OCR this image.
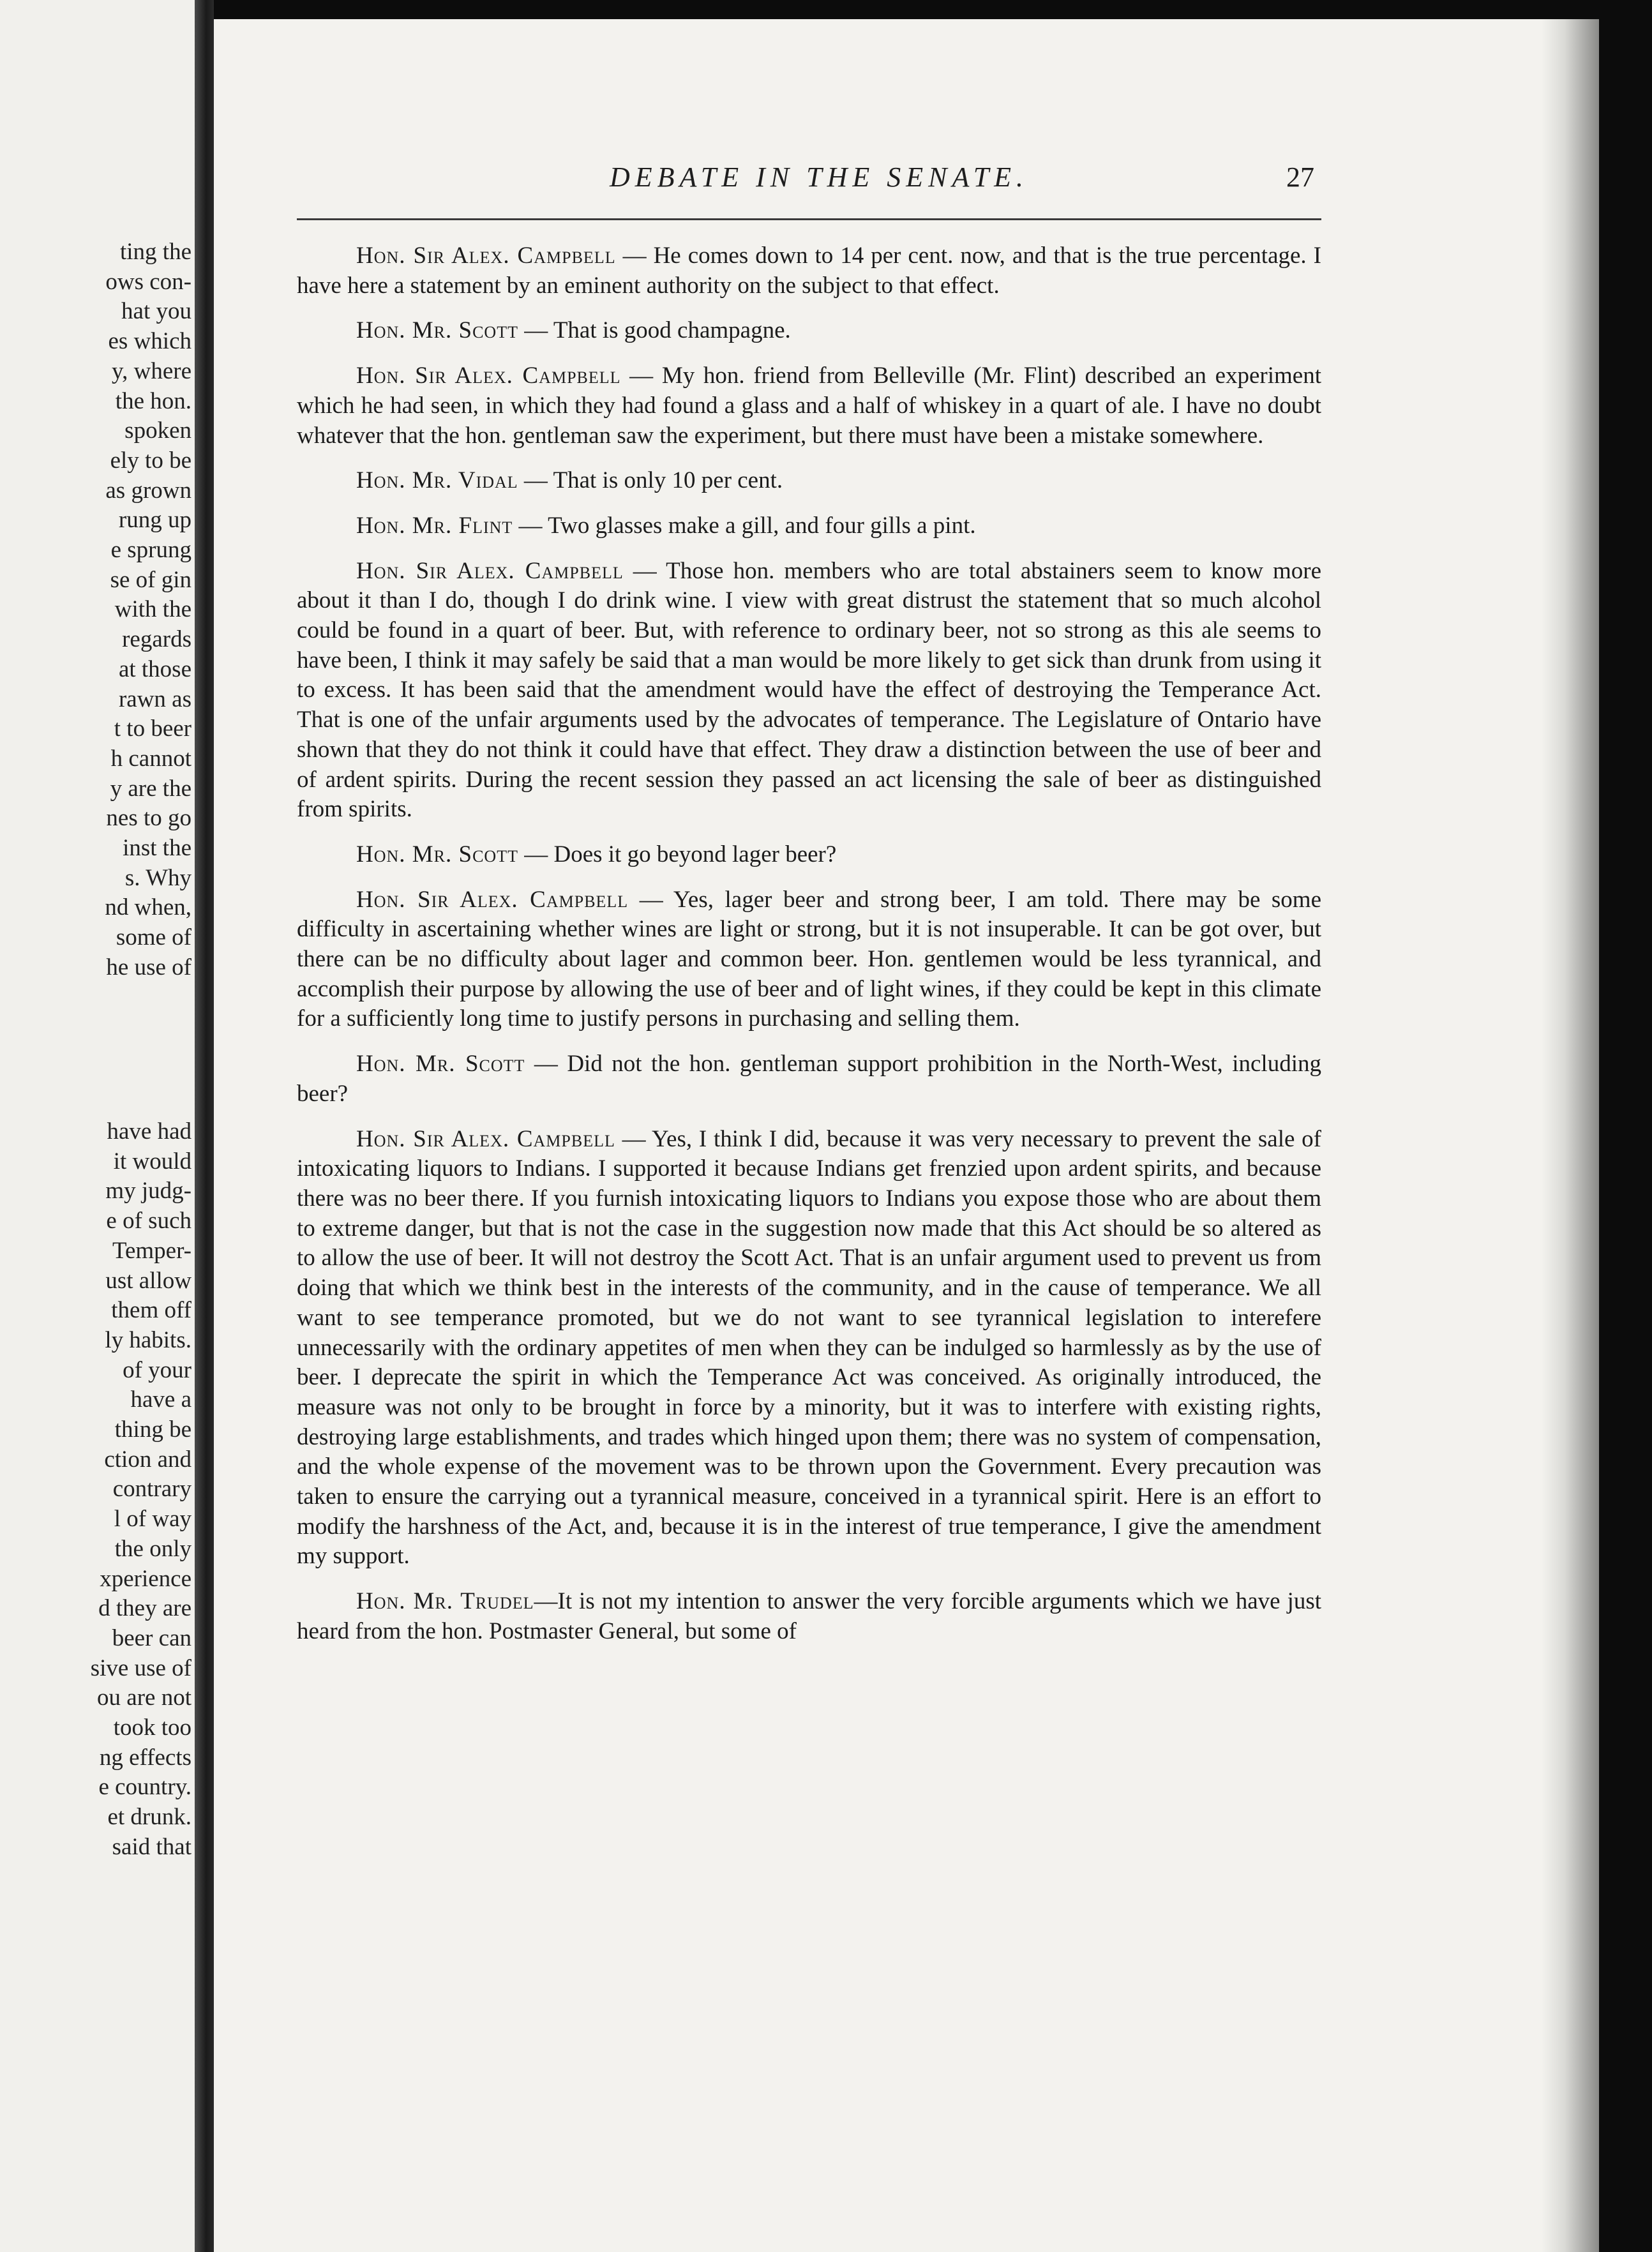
ting the
ows con-
hat you
es which
y, where
the hon.
spoken
ely to be
as grown
rung up
e sprung
se of gin
with the
regards
at those
rawn as
t to beer
h cannot
y are the
nes to go
inst the
s. Why
nd when,
some of
he use of
have had
it would
my judg-
e of such
Temper-
ust allow
them off
ly habits.
of your
have a
thing be
ction and
contrary
l of way
the only
xperience
d they are
beer can
sive use of
ou are not
took too
ng effects
e country.
et drunk.
said that
DEBATE IN THE SENATE.	27

Hon. Sir Alex. Campbell — He comes down to 14 per cent. now, and that is the true percentage. I have here a statement by an eminent authority on the subject to that effect.

Hon. Mr. Scott — That is good champagne.

Hon. Sir Alex. Campbell — My hon. friend from Belleville (Mr. Flint) described an experiment which he had seen, in which they had found a glass and a half of whiskey in a quart of ale. I have no doubt whatever that the hon. gentleman saw the experiment, but there must have been a mistake somewhere.

Hon. Mr. Vidal — That is only 10 per cent.

Hon. Mr. Flint — Two glasses make a gill, and four gills a pint.

Hon. Sir Alex. Campbell — Those hon. members who are total abstainers seem to know more about it than I do, though I do drink wine. I view with great distrust the statement that so much alcohol could be found in a quart of beer. But, with reference to ordinary beer, not so strong as this ale seems to have been, I think it may safely be said that a man would be more likely to get sick than drunk from using it to excess. It has been said that the amendment would have the effect of destroying the Temperance Act. That is one of the unfair arguments used by the advocates of temperance. The Legislature of Ontario have shown that they do not think it could have that effect. They draw a distinction between the use of beer and of ardent spirits. During the recent session they passed an act licensing the sale of beer as distinguished from spirits.

Hon. Mr. Scott — Does it go beyond lager beer?

Hon. Sir Alex. Campbell — Yes, lager beer and strong beer, I am told. There may be some difficulty in ascertaining whether wines are light or strong, but it is not insuperable. It can be got over, but there can be no difficulty about lager and common beer. Hon. gentlemen would be less tyrannical, and accomplish their purpose by allowing the use of beer and of light wines, if they could be kept in this climate for a sufficiently long time to justify persons in purchasing and selling them.

Hon. Mr. Scott — Did not the hon. gentleman support prohibition in the North-West, including beer?

Hon. Sir Alex. Campbell — Yes, I think I did, because it was very necessary to prevent the sale of intoxicating liquors to Indians. I supported it because Indians get frenzied upon ardent spirits, and because there was no beer there. If you furnish intoxicating liquors to Indians you expose those who are about them to extreme danger, but that is not the case in the suggestion now made that this Act should be so altered as to allow the use of beer. It will not destroy the Scott Act. That is an unfair argument used to prevent us from doing that which we think best in the interests of the community, and in the cause of temperance. We all want to see temperance promoted, but we do not want to see tyrannical legislation to interefere unnecessarily with the ordinary appetites of men when they can be indulged so harmlessly as by the use of beer. I deprecate the spirit in which the Temperance Act was conceived. As originally introduced, the measure was not only to be brought in force by a minority, but it was to interfere with existing rights, destroying large establishments, and trades which hinged upon them; there was no system of compensation, and the whole expense of the movement was to be thrown upon the Government. Every precaution was taken to ensure the carrying out a tyrannical measure, conceived in a tyrannical spirit. Here is an effort to modify the harshness of the Act, and, because it is in the interest of true temperance, I give the amendment my support.

Hon. Mr. Trudel—It is not my intention to answer the very forcible arguments which we have just heard from the hon. Postmaster General, but some of
